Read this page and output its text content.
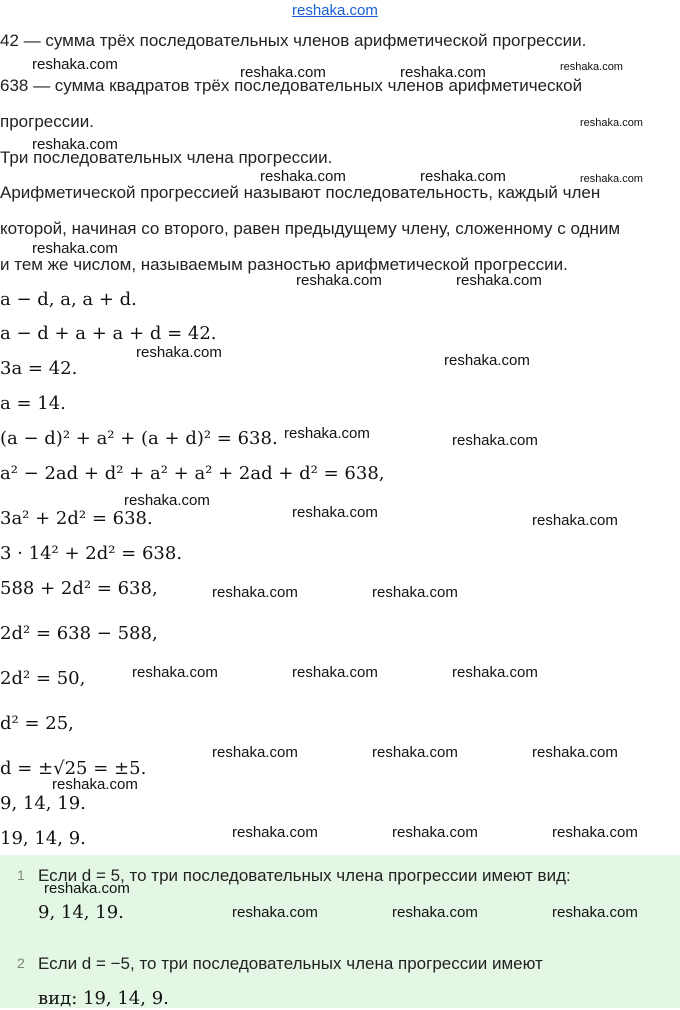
reshaka.com
42 — сумма трёх последовательных членов арифметической прогрессии.
638 — сумма квадратов трёх последовательных членов арифметической
прогрессии.
Три последовательных члена прогрессии.
Арифметической прогрессией называют последовательность, каждый член
которой, начиная со второго, равен предыдущему члену, сложенному с одним
и тем же числом, называемым разностью арифметической прогрессии.
a − d, a, a + d.
a − d + a + a + d = 42.
3a = 42.
a = 14.
(a − d)² + a² + (a + d)² = 638.
a² − 2ad + d² + a² + a² + 2ad + d² = 638,
3a² + 2d² = 638.
3 · 14² + 2d² = 638.
588 + 2d² = 638,
2d² = 638 − 588,
2d² = 50,
d² = 25,
d = ±√25 = ±5.
9, 14, 19.
19, 14, 9.
1 Если d = 5, то три последовательных члена прогрессии имеют вид:
9, 14, 19.
2 Если d = −5, то три последовательных члена прогрессии имеют
вид: 19, 14, 9.
reshaka.com	reshaka.com	reshaka.com	reshaka.com
reshaka.com
reshaka.com
reshaka.com	reshaka.com	reshaka.com
reshaka.com
reshaka.com	reshaka.com
reshaka.com	reshaka.com
reshaka.com	reshaka.com
reshaka.com
reshaka.com	reshaka.com
reshaka.com	reshaka.com
reshaka.com	reshaka.com	reshaka.com
reshaka.com	reshaka.com	reshaka.com
reshaka.com
reshaka.com	reshaka.com	reshaka.com
reshaka.com
reshaka.com	reshaka.com	reshaka.com
